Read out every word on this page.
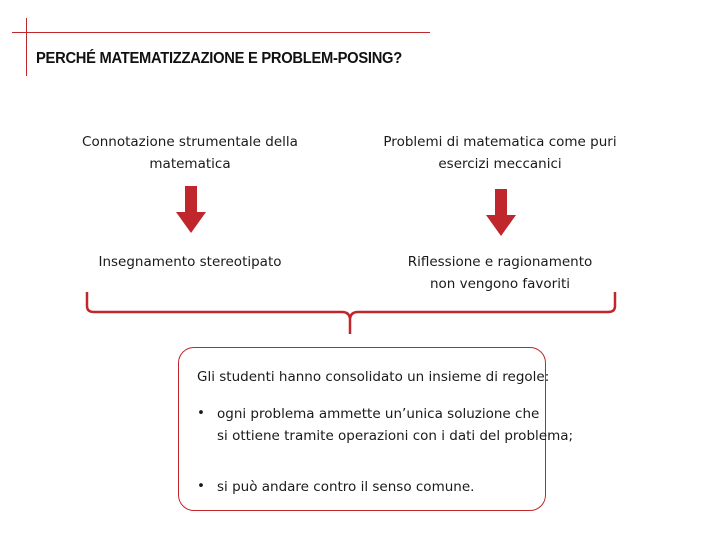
PERCHÉ MATEMATIZZAZIONE E PROBLEM-POSING?
Connotazione strumentale della
matematica
Problemi di matematica come puri
esercizi meccanici
Insegnamento stereotipato	Riflessione e ragionamento
non vengono favoriti
Gli studenti hanno consolidato un insieme di regole:
• ogni problema ammette un’unica soluzione che
si ottiene tramite operazioni con i dati del problema;
• si può andare contro il senso comune.
